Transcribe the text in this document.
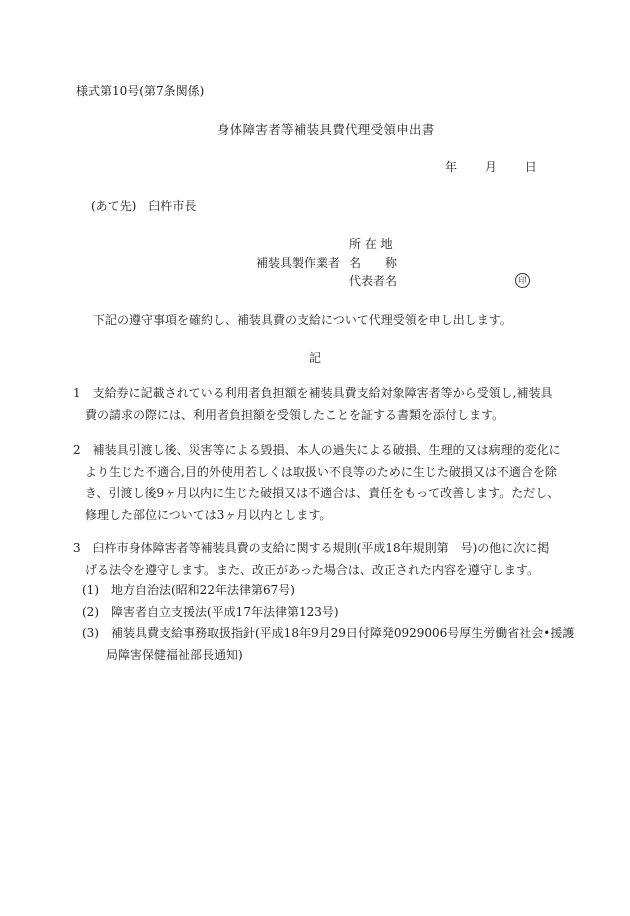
様式第10号(第7条関係)
身体障害者等補装具費代理受領申出書
年 月 日
(あて先)　臼杵市長
所 在 地
補装具製作業者 名　　称
代表者名	印
下記の遵守事項を確約し、補装具費の支給について代理受領を申し出します。
記
1　支給券に記載されている利用者負担額を補装具費支給対象障害者等から受領し,補装具
　費の請求の際には、利用者負担額を受領したことを証する書類を添付します。
2　補装具引渡し後、災害等による毀損、本人の過失による破損、生理的又は病理的変化に
　より生じた不適合,目的外使用若しくは取扱い不良等のために生じた破損又は不適合を除
　き、引渡し後9ヶ月以内に生じた破損又は不適合は、責任をもって改善します。ただし、
　修理した部位については3ヶ月以内とします。
3　臼杵市身体障害者等補装具費の支給に関する規則(平成18年規則第　号)の他に次に掲
　げる法令を遵守します。また、改正があった場合は、改正された内容を遵守します。
(1)　地方自治法(昭和22年法律第67号)
(2)　障害者自立支援法(平成17年法律第123号)
(3)　補装具費支給事務取扱指針(平成18年9月29日付障発0929006号厚生労働省社会•援護
　　局障害保健福祉部長通知)
